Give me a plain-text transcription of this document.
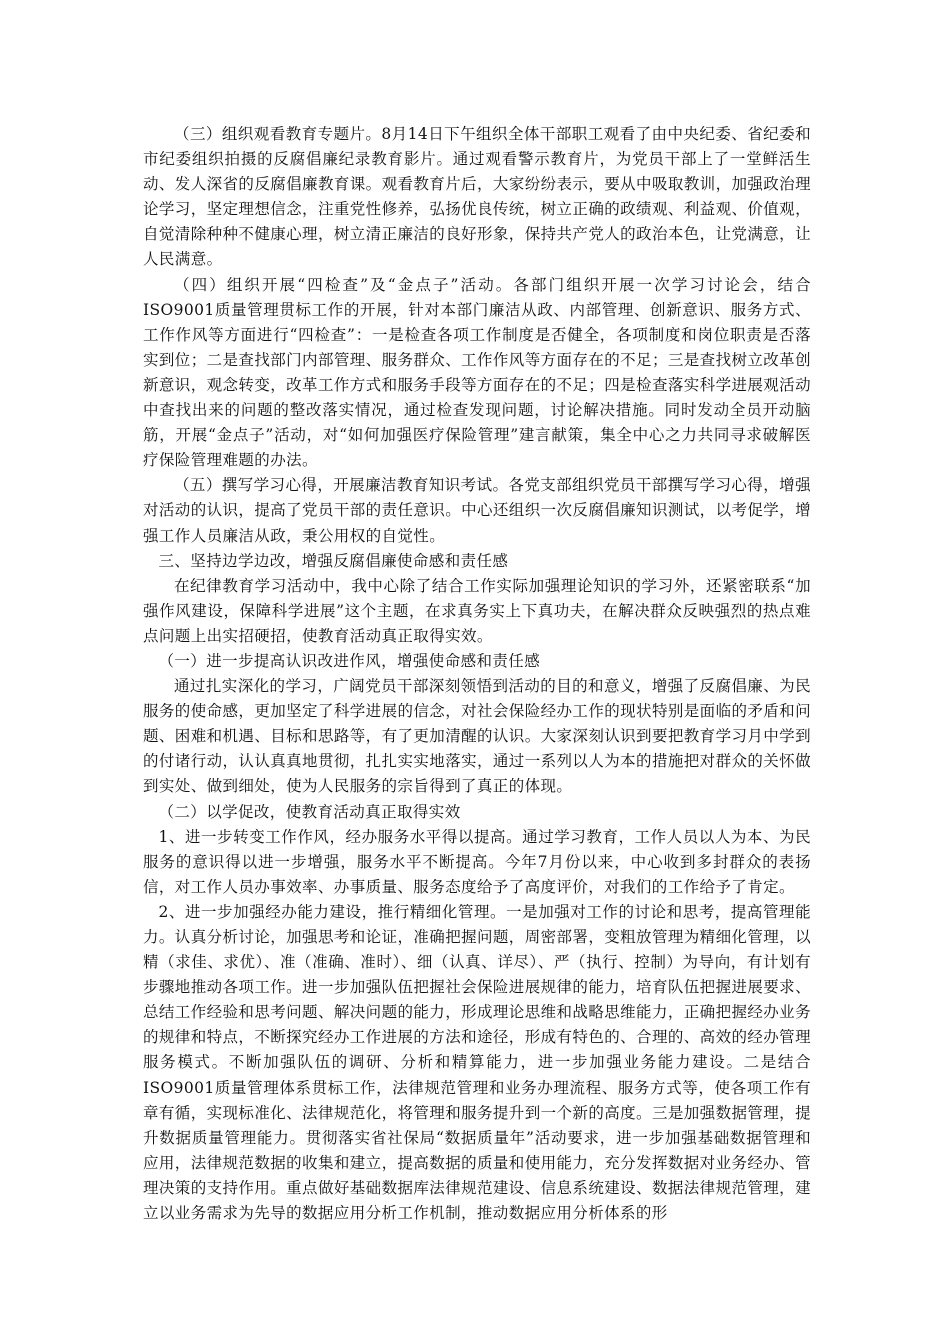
（三）组织观看教育专题片。8月14日下午组织全体干部职工观看了由中央纪委、省纪委和市纪委组织拍摄的反腐倡廉纪录教育影片。通过观看警示教育片，为党员干部上了一堂鲜活生动、发人深省的反腐倡廉教育课。观看教育片后，大家纷纷表示，要从中吸取教训，加强政治理论学习，坚定理想信念，注重党性修养，弘扬优良传统，树立正确的政绩观、利益观、价值观，自觉清除种种不健康心理，树立清正廉洁的良好形象，保持共产党人的政治本色，让党满意，让人民满意。

（四）组织开展“四检查”及“金点子”活动。各部门组织开展一次学习讨论会，结合ISO9001质量管理贯标工作的开展，针对本部门廉洁从政、内部管理、创新意识、服务方式、工作作风等方面进行“四检查”：一是检查各项工作制度是否健全，各项制度和岗位职责是否落实到位；二是查找部门内部管理、服务群众、工作作风等方面存在的不足；三是查找树立改革创新意识，观念转变，改革工作方式和服务手段等方面存在的不足；四是检查落实科学进展观活动中查找出来的问题的整改落实情况，通过检查发现问题，讨论解决措施。同时发动全员开动脑筋，开展“金点子”活动，对“如何加强医疗保险管理”建言献策，集全中心之力共同寻求破解医疗保险管理难题的办法。

（五）撰写学习心得，开展廉洁教育知识考试。各党支部组织党员干部撰写学习心得，增强对活动的认识，提高了党员干部的责任意识。中心还组织一次反腐倡廉知识测试，以考促学，增强工作人员廉洁从政，秉公用权的自觉性。

三、坚持边学边改，增强反腐倡廉使命感和责任感

在纪律教育学习活动中，我中心除了结合工作实际加强理论知识的学习外，还紧密联系“加强作风建设，保障科学进展”这个主题，在求真务实上下真功夫，在解决群众反映强烈的热点难点问题上出实招硬招，使教育活动真正取得实效。

（一）进一步提高认识改进作风，增强使命感和责任感

通过扎实深化的学习，广阔党员干部深刻领悟到活动的目的和意义，增强了反腐倡廉、为民服务的使命感，更加坚定了科学进展的信念，对社会保险经办工作的现状特别是面临的矛盾和问题、困难和机遇、目标和思路等，有了更加清醒的认识。大家深刻认识到要把教育学习月中学到的付诸行动，认认真真地贯彻，扎扎实实地落实，通过一系列以人为本的措施把对群众的关怀做到实处、做到细处，使为人民服务的宗旨得到了真正的体现。

（二）以学促改，使教育活动真正取得实效

1、进一步转变工作作风，经办服务水平得以提高。通过学习教育，工作人员以人为本、为民服务的意识得以进一步增强，服务水平不断提高。今年7月份以来，中心收到多封群众的表扬信，对工作人员办事效率、办事质量、服务态度给予了高度评价，对我们的工作给予了肯定。

2、进一步加强经办能力建设，推行精细化管理。一是加强对工作的讨论和思考，提高管理能力。认真分析讨论，加强思考和论证，准确把握问题，周密部署，变粗放管理为精细化管理，以精（求佳、求优）、准（准确、准时）、细（认真、详尽）、严（执行、控制）为导向，有计划有步骤地推动各项工作。进一步加强队伍把握社会保险进展规律的能力，培育队伍把握进展要求、总结工作经验和思考问题、解决问题的能力，形成理论思维和战略思维能力，正确把握经办业务的规律和特点，不断探究经办工作进展的方法和途径，形成有特色的、合理的、高效的经办管理服务模式。不断加强队伍的调研、分析和精算能力，进一步加强业务能力建设。二是结合ISO9001质量管理体系贯标工作，法律规范管理和业务办理流程、服务方式等，使各项工作有章有循，实现标准化、法律规范化，将管理和服务提升到一个新的高度。三是加强数据管理，提升数据质量管理能力。贯彻落实省社保局“数据质量年”活动要求，进一步加强基础数据管理和应用，法律规范数据的收集和建立，提高数据的质量和使用能力，充分发挥数据对业务经办、管理决策的支持作用。重点做好基础数据库法律规范建设、信息系统建设、数据法律规范管理，建立以业务需求为先导的数据应用分析工作机制，推动数据应用分析体系的形
